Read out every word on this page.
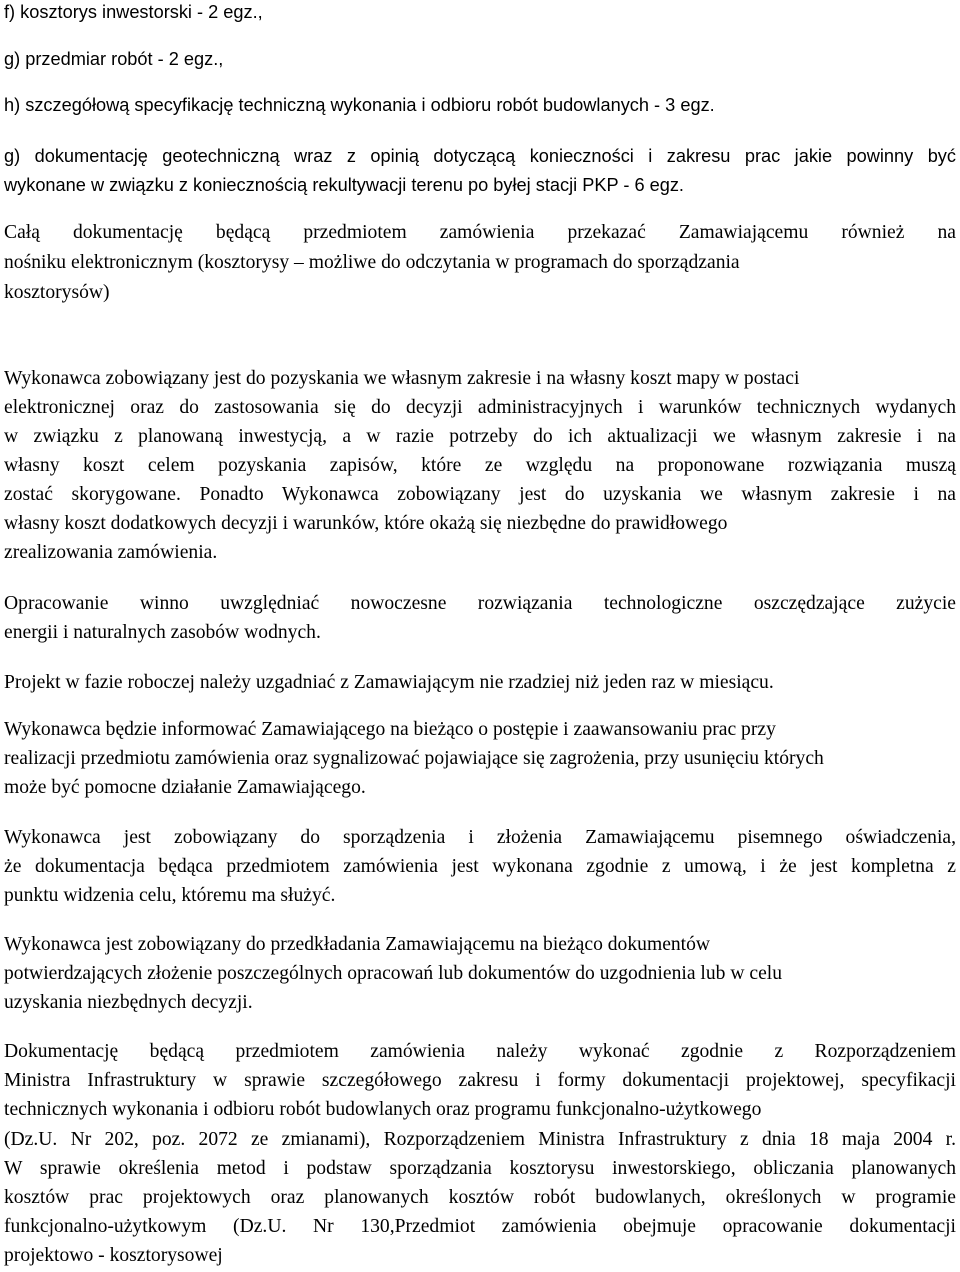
f) kosztorys inwestorski - 2 egz.,

g) przedmiar robót - 2 egz.,

h) szczegółową specyfikację techniczną wykonania i odbioru robót budowlanych - 3 egz.

g) dokumentację geotechniczną wraz z opinią dotyczącą konieczności i zakresu prac jakie powinny być

wykonane w związku z koniecznością rekultywacji terenu po byłej stacji PKP - 6 egz.

Całą dokumentację będącą przedmiotem zamówienia przekazać Zamawiającemu również na

nośniku elektronicznym (kosztorysy – możliwe do odczytania w programach do sporządzania

kosztorysów)

Wykonawca zobowiązany jest do pozyskania we własnym zakresie i na własny koszt mapy w postaci

elektronicznej oraz do zastosowania się do decyzji administracyjnych i warunków technicznych wydanych

w związku z planowaną inwestycją, a w razie potrzeby do ich aktualizacji we własnym zakresie i na

własny koszt celem pozyskania zapisów, które ze względu na proponowane rozwiązania muszą

zostać skorygowane. Ponadto Wykonawca zobowiązany jest do uzyskania we własnym zakresie i na

własny koszt dodatkowych decyzji i warunków, które okażą się niezbędne do prawidłowego

zrealizowania zamówienia.

Opracowanie winno uwzględniać nowoczesne rozwiązania technologiczne oszczędzające zużycie

energii i naturalnych zasobów wodnych.

Projekt w fazie roboczej należy uzgadniać z Zamawiającym nie rzadziej niż jeden raz w miesiącu.

Wykonawca będzie informować Zamawiającego na bieżąco o postępie i zaawansowaniu prac przy

realizacji przedmiotu zamówienia oraz sygnalizować pojawiające się zagrożenia, przy usunięciu których

może być pomocne działanie Zamawiającego.

Wykonawca jest zobowiązany do sporządzenia i złożenia Zamawiającemu pisemnego oświadczenia,

że dokumentacja będąca przedmiotem zamówienia jest wykonana zgodnie z umową, i że jest kompletna z

punktu widzenia celu, któremu ma służyć.

Wykonawca jest zobowiązany do przedkładania Zamawiającemu na bieżąco dokumentów

potwierdzających złożenie poszczególnych opracowań lub dokumentów do uzgodnienia lub w celu

uzyskania niezbędnych decyzji.

Dokumentację będącą przedmiotem zamówienia należy wykonać zgodnie z Rozporządzeniem

Ministra Infrastruktury w sprawie szczegółowego zakresu i formy dokumentacji projektowej, specyfikacji

technicznych wykonania i odbioru robót budowlanych oraz programu funkcjonalno-użytkowego

(Dz.U. Nr 202, poz. 2072 ze zmianami), Rozporządzeniem Ministra Infrastruktury z dnia 18 maja 2004 r.

W sprawie określenia metod i podstaw sporządzania kosztorysu inwestorskiego, obliczania planowanych

kosztów prac projektowych oraz planowanych kosztów robót budowlanych, określonych w programie

funkcjonalno-użytkowym (Dz.U. Nr 130,Przedmiot zamówienia obejmuje opracowanie dokumentacji

projektowo - kosztorysowej
